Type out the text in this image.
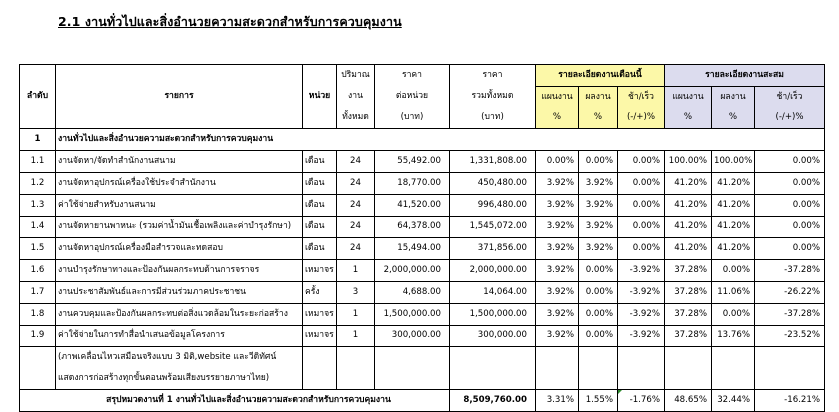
2.1 งานทั่วไปและสิ่งอำนวยความสะดวกสำหรับการควบคุมงาน
			ปริมาณ	ราคา	ราคา	รายละเอียดงานเดือนนี้			รายละเอียดงานสะสม		
ลำดับ	รายการ	หน่วย	งาน	ต่อหน่วย	รวมทั้งหมด	แผนงาน	ผลงาน	ช้า/เร็ว	แผนงาน	ผลงาน	ช้า/เร็ว
			ทั้งหมด	(บาท)	(บาท)	%	%	(-/+)%	%	%	(-/+)%
1	งานทั่วไปและสิ่งอำนวยความสะดวกสำหรับการควบคุมงาน										
1.1	งานจัดหา/จัดทำสำนักงานสนาม	เดือน	24	55,492.00	1,331,808.00	0.00%	0.00%	0.00%	100.00%	100.00%	0.00%
1.2	งานจัดหาอุปกรณ์เครื่องใช้ประจำสำนักงาน	เดือน	24	18,770.00	450,480.00	3.92%	3.92%	0.00%	41.20%	41.20%	0.00%
1.3	ค่าใช้จ่ายสำหรับงานสนาม	เดือน	24	41,520.00	996,480.00	3.92%	3.92%	0.00%	41.20%	41.20%	0.00%
1.4	งานจัดหายานพาหนะ (รวมค่าน้ำมันเชื้อเพลิงและค่าบำรุงรักษา)	เดือน	24	64,378.00	1,545,072.00	3.92%	3.92%	0.00%	41.20%	41.20%	0.00%
1.5	งานจัดหาอุปกรณ์เครื่องมือสำรวจและทดสอบ	เดือน	24	15,494.00	371,856.00	3.92%	3.92%	0.00%	41.20%	41.20%	0.00%
1.6	งานบำรุงรักษาทางและป้องกันผลกระทบด้านการจราจร	เหมาจร	1	2,000,000.00	2,000,000.00	3.92%	0.00%	-3.92%	37.28%	0.00%	-37.28%
1.7	งานประชาสัมพันธ์และการมีส่วนร่วมภาคประชาชน	ครั้ง	3	4,688.00	14,064.00	3.92%	0.00%	-3.92%	37.28%	11.06%	-26.22%
1.8	งานควบคุมและป้องกันผลกระทบต่อสิ่งแวดล้อมในระยะก่อสร้าง	เหมาจร	1	1,500,000.00	1,500,000.00	3.92%	0.00%	-3.92%	37.28%	0.00%	-37.28%
1.9	ค่าใช้จ่ายในการทำสื่อนำเสนอข้อมูลโครงการ	เหมาจร	1	300,000.00	300,000.00	3.92%	0.00%	-3.92%	37.28%	13.76%	-23.52%
	(ภาพเคลื่อนไหวเสมือนจริงแบบ 3 มิติ,website และวีดิทัศน์										
	แสดงการก่อสร้างทุกขั้นตอนพร้อมเสียงบรรยายภาษาไทย)										
สรุปหมวดงานที่ 1 งานทั่วไปและสิ่งอำนวยความสะดวกสำหรับการควบคุมงาน					8,509,760.00	3.31%	1.55%	-1.76%	48.65%	32.44%	-16.21%
